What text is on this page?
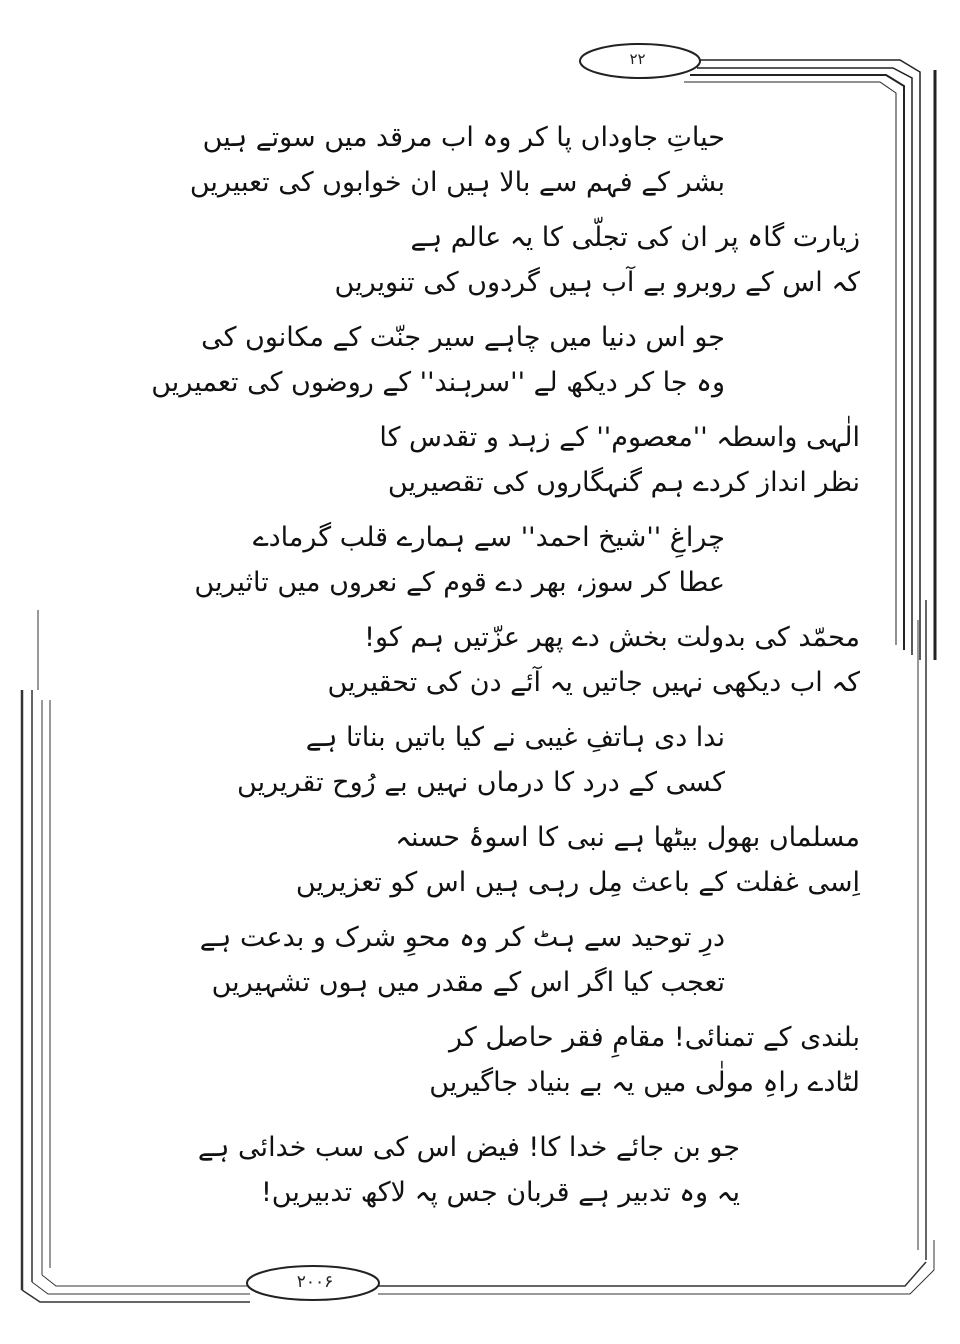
۲۲
۲۰۰۶
حیاتِ جاوداں پا کر وہ اب مرقد میں سوتے ہیں
بشر کے فہم سے بالا ہیں ان خوابوں کی تعبیریں
زیارت گاہ پر ان کی تجلّی کا یہ عالم ہے
کہ اس کے روبرو بے آب ہیں گردوں کی تنویریں
جو اس دنیا میں چاہے سیر جنّت کے مکانوں کی
وہ جا کر دیکھ لے ''سرہند'' کے روضوں کی تعمیریں
الٰہی واسطہ ''معصوم'' کے زہد و تقدس کا
نظر انداز کردے ہم گنہگاروں کی تقصیریں
چراغِ ''شیخ احمد'' سے ہمارے قلب گرمادے
عطا کر سوز، بھر دے قوم کے نعروں میں تاثیریں
محمّد کی بدولت بخش دے پھر عزّتیں ہم کو!
کہ اب دیکھی نہیں جاتیں یہ آئے دن کی تحقیریں
ندا دی ہاتفِ غیبی نے کیا باتیں بناتا ہے
کسی کے درد کا درماں نہیں بے رُوح تقریریں
مسلماں بھول بیٹھا ہے نبی کا اسوۂ حسنہ
اِسی غفلت کے باعث مِل رہی ہیں اس کو تعزیریں
درِ توحید سے ہٹ کر وہ محوِ شرک و بدعت ہے
تعجب کیا اگر اس کے مقدر میں ہوں تشہیریں
بلندی کے تمنائی! مقامِ فقر حاصل کر
لٹادے راہِ مولٰی میں یہ بے بنیاد جاگیریں
جو بن جائے خدا کا! فیض اس کی سب خدائی ہے
یہ وہ تدبیر ہے قربان جس پہ لاکھ تدبیریں!
